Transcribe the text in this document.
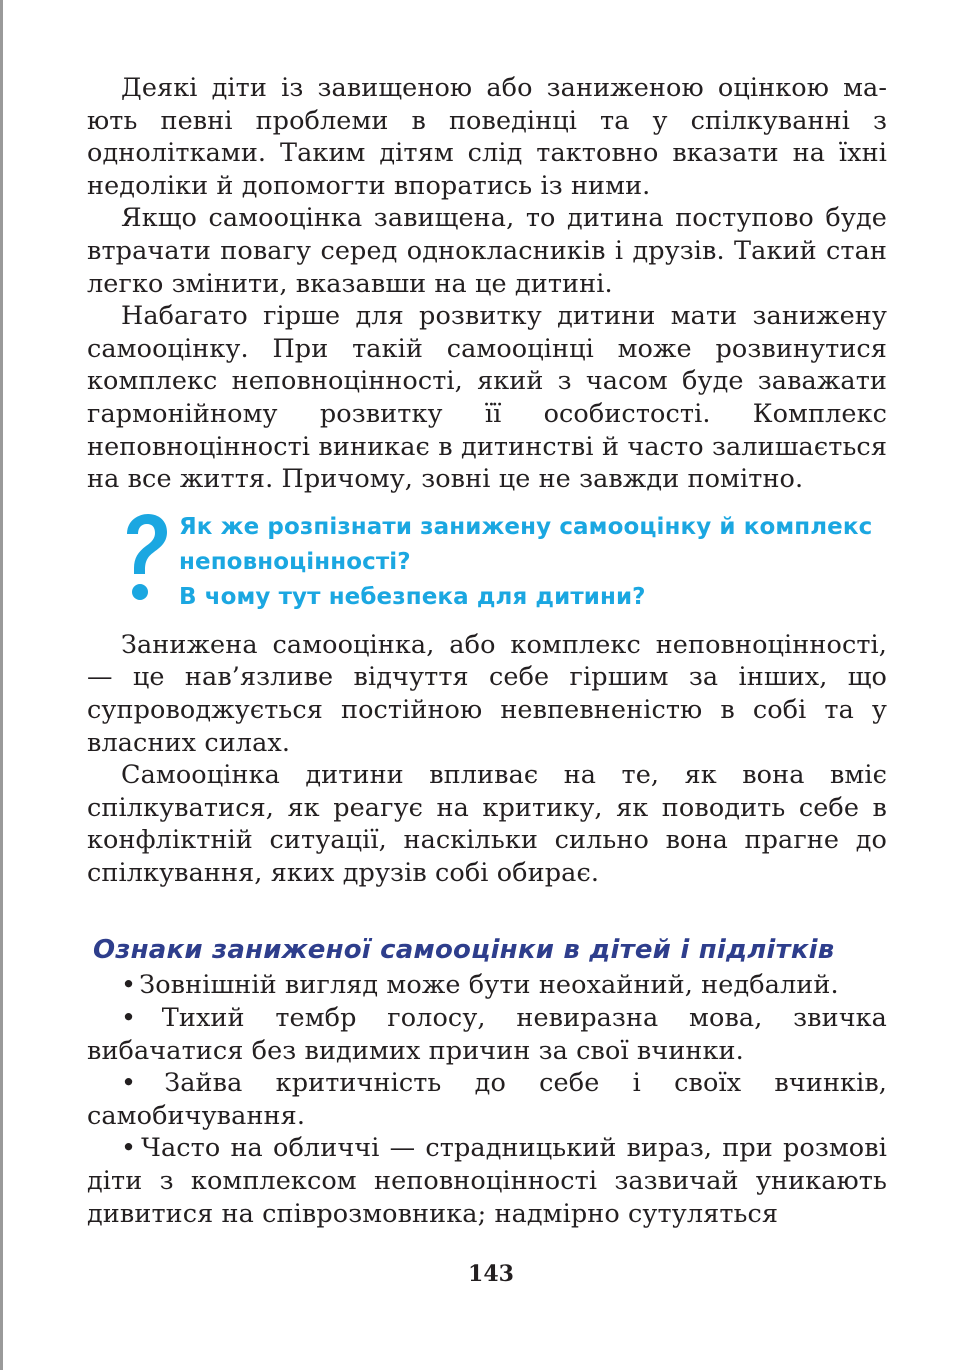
Деякі діти із завищеною або заниженою оцінкою мають певні проблеми в поведінці та у спілкуванні з однолітками. Таким дітям слід тактовно вказати на їхні недоліки й допомогти впоратись із ними.

Якщо самооцінка завищена, то дитина поступово буде втрачати повагу серед однокласників і друзів. Такий стан легко змінити, вказавши на це дитині.

Набагато гірше для розвитку дитини мати занижену самооцінку. При такій самооцінці може розвинутися комплекс неповноцінності, який з часом буде заважати гармонійному розвитку її особистості. Комплекс неповноцінності виникає в дитинстві й часто залишається на все життя. Причому, зовні це не завжди помітно.

Як же розпізнати занижену самооцінку й комплекс
неповноцінності?
В чому тут небезпека для дитини?

Занижена самооцінка, або комплекс неповноцінності, — це нав’язливе відчуття себе гіршим за інших, що супроводжується постійною невпевненістю в собі та у власних силах.

Самооцінка дитини впливає на те, як вона вміє спілкуватися, як реагує на критику, як поводить себе в конфліктній ситуації, наскільки сильно вона прагне до спілкування, яких друзів собі обирає.

Ознаки заниженої самооцінки в дітей і підлітків

• Зовнішній вигляд може бути неохайний, недбалий.

• Тихий тембр голосу, невиразна мова, звичка вибачатися без видимих причин за свої вчинки.

• Зайва критичність до себе і своїх вчинків, самобичування.

• Часто на обличчі — страдницький вираз, при розмові діти з комплексом неповноцінності зазвичай уникають дивитися на співрозмовника; надмірно сутуляться

143
